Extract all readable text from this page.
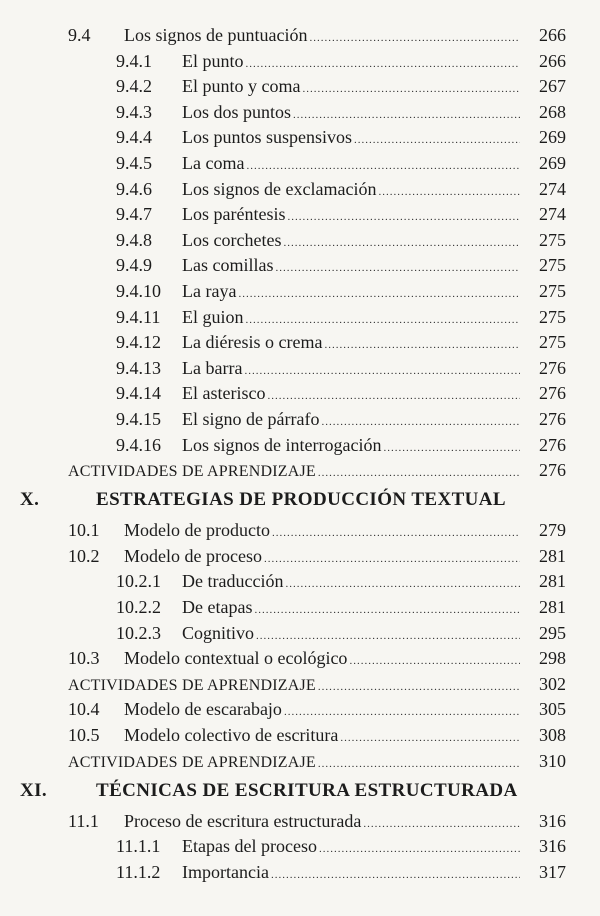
9.4	Los signos de puntuación .....	266
9.4.1	El punto .....	266
9.4.2	El punto y coma .....	267
9.4.3	Los dos puntos .....	268
9.4.4	Los puntos suspensivos .....	269
9.4.5	La coma .....	269
9.4.6	Los signos de exclamación .....	274
9.4.7	Los paréntesis .....	274
9.4.8	Los corchetes .....	275
9.4.9	Las comillas .....	275
9.4.10	La raya .....	275
9.4.11	El guion .....	275
9.4.12	La diéresis o crema .....	275
9.4.13	La barra .....	276
9.4.14	El asterisco .....	276
9.4.15	El signo de párrafo .....	276
9.4.16	Los signos de interrogación .....	276
ACTIVIDADES DE APRENDIZAJE .....	276
X.	ESTRATEGIAS DE PRODUCCIÓN TEXTUAL
10.1	Modelo de producto .....	279
10.2	Modelo de proceso .....	281
10.2.1	De traducción .....	281
10.2.2	De etapas .....	281
10.2.3	Cognitivo .....	295
10.3	Modelo contextual o ecológico .....	298
ACTIVIDADES DE APRENDIZAJE .....	302
10.4	Modelo de escarabajo .....	305
10.5	Modelo colectivo de escritura .....	308
ACTIVIDADES DE APRENDIZAJE .....	310
XI.	TÉCNICAS DE ESCRITURA ESTRUCTURADA
11.1	Proceso de escritura estructurada .....	316
11.1.1	Etapas del proceso .....	316
11.1.2	Importancia .....	317
